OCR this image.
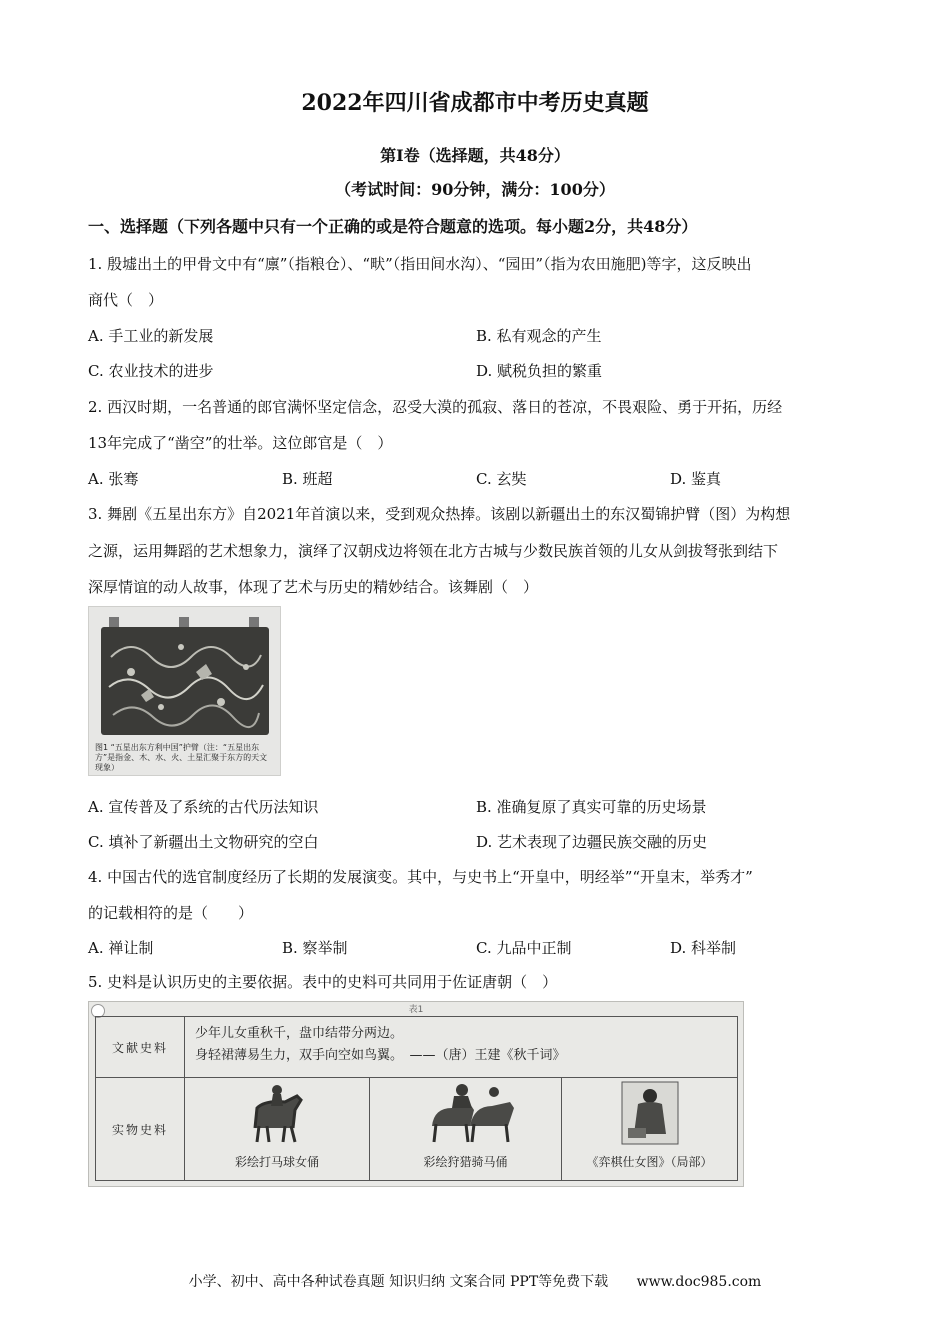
2022年四川省成都市中考历史真题
第I卷（选择题，共48分）
（考试时间：90分钟，满分：100分）
一、选择题（下列各题中只有一个正确的或是符合题意的选项。每小题2分，共48分）
1. 殷墟出土的甲骨文中有“廪”（指粮仓）、“畎”（指田间水沟）、“园田”（指为农田施肥)等字，这反映出
商代（　）
A. 手工业的新发展	B. 私有观念的产生
C. 农业技术的进步	D. 赋税负担的繁重
2. 西汉时期，一名普通的郎官满怀坚定信念，忍受大漠的孤寂、落日的苍凉，不畏艰险、勇于开拓，历经
13年完成了“凿空”的壮举。这位郎官是（　）
A. 张骞	B. 班超	C. 玄奘	D. 鉴真
3. 舞剧《五星出东方》自2021年首演以来，受到观众热捧。该剧以新疆出土的东汉蜀锦护臂（图）为构想
之源，运用舞蹈的艺术想象力，演绎了汉朝戍边将领在北方古城与少数民族首领的儿女从剑拔弩张到结下
深厚情谊的动人故事，体现了艺术与历史的精妙结合。该舞剧（　）
图1 “五星出东方利中国”护臂（注：“五星出东方”是指金、木、水、火、土星汇聚于东方的天文现象）
A. 宣传普及了系统的古代历法知识	B. 准确复原了真实可靠的历史场景
C. 填补了新疆出土文物研究的空白	D. 艺术表现了边疆民族交融的历史
4. 中国古代的选官制度经历了长期的发展演变。其中，与史书上“开皇中，明经举”“开皇末，举秀才”
的记载相符的是（　　）
A. 禅让制	B. 察举制	C. 九品中正制	D. 科举制
5. 史料是认识历史的主要依据。表中的史料可共同用于佐证唐朝（　）
表1
文献史料
少年儿女重秋千，盘巾结带分两边。
身轻裙薄易生力，双手向空如鸟翼。　——（唐）王建《秋千词》
实物史料
彩绘打马球女俑	彩绘狩猎骑马俑	《弈棋仕女图》（局部）
小学、初中、高中各种试卷真题 知识归纳 文案合同 PPT等免费下载 www.doc985.com
